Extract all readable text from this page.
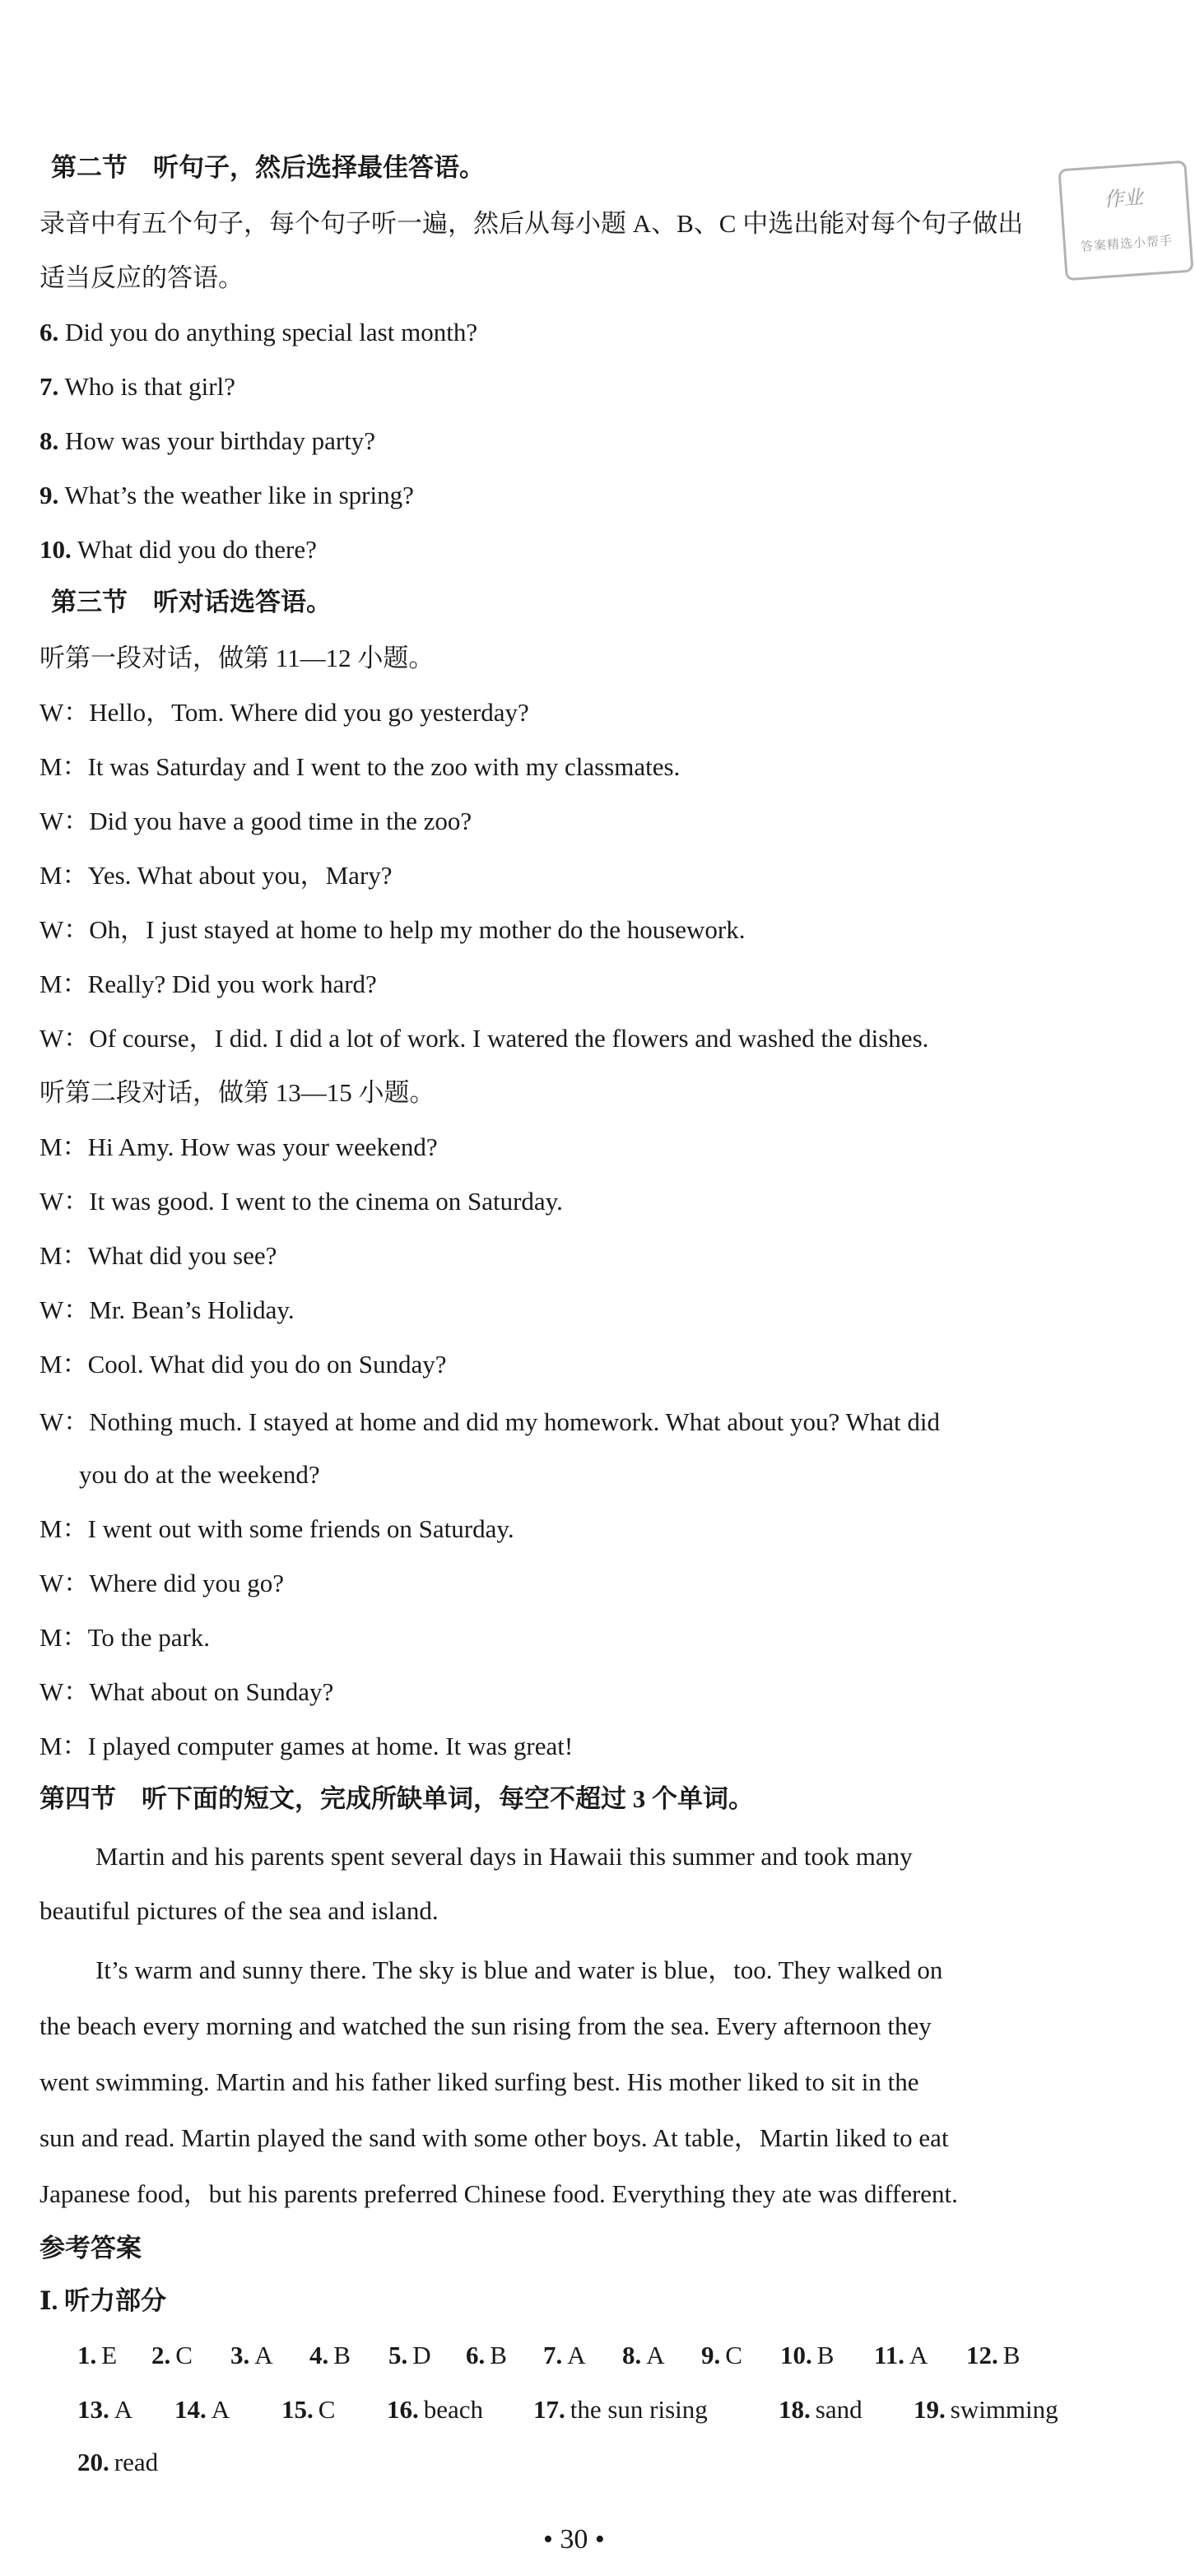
第二节　听句子，然后选择最佳答语。
录音中有五个句子，每个句子听一遍，然后从每小题 A、B、C 中选出能对每个句子做出
适当反应的答语。
作业
答案精选小帮手
6. Did you do anything special last month?
7. Who is that girl?
8. How was your birthday party?
9. What’s the weather like in spring?
10. What did you do there?
第三节　听对话选答语。
听第一段对话，做第 11—12 小题。
W：Hello，Tom. Where did you go yesterday?
M：It was Saturday and I went to the zoo with my classmates.
W：Did you have a good time in the zoo?
M：Yes. What about you，Mary?
W：Oh，I just stayed at home to help my mother do the housework.
M：Really? Did you work hard?
W：Of course，I did. I did a lot of work. I watered the flowers and washed the dishes.
听第二段对话，做第 13—15 小题。
M：Hi Amy. How was your weekend?
W：It was good. I went to the cinema on Saturday.
M：What did you see?
W：Mr. Bean’s Holiday.
M：Cool. What did you do on Sunday?
W：Nothing much. I stayed at home and did my homework. What about you? What did
you do at the weekend?
M：I went out with some friends on Saturday.
W：Where did you go?
M：To the park.
W：What about on Sunday?
M：I played computer games at home. It was great!
第四节　听下面的短文，完成所缺单词，每空不超过 3 个单词。
Martin and his parents spent several days in Hawaii this summer and took many
beautiful pictures of the sea and island.
It’s warm and sunny there. The sky is blue and water is blue，too. They walked on
the beach every morning and watched the sun rising from the sea. Every afternoon they
went swimming. Martin and his father liked surfing best. His mother liked to sit in the
sun and read. Martin played the sand with some other boys. At table，Martin liked to eat
Japanese food，but his parents preferred Chinese food. Everything they ate was different.
参考答案
Ⅰ. 听力部分
1. E 2. C 3. A 4. B 5. D 6. B 7. A 8. A 9. C 10. B 11. A 12. B
13. A 14. A 15. C 16. beach 17. the sun rising	18. sand 19. swimming
20. read
• 30 •
